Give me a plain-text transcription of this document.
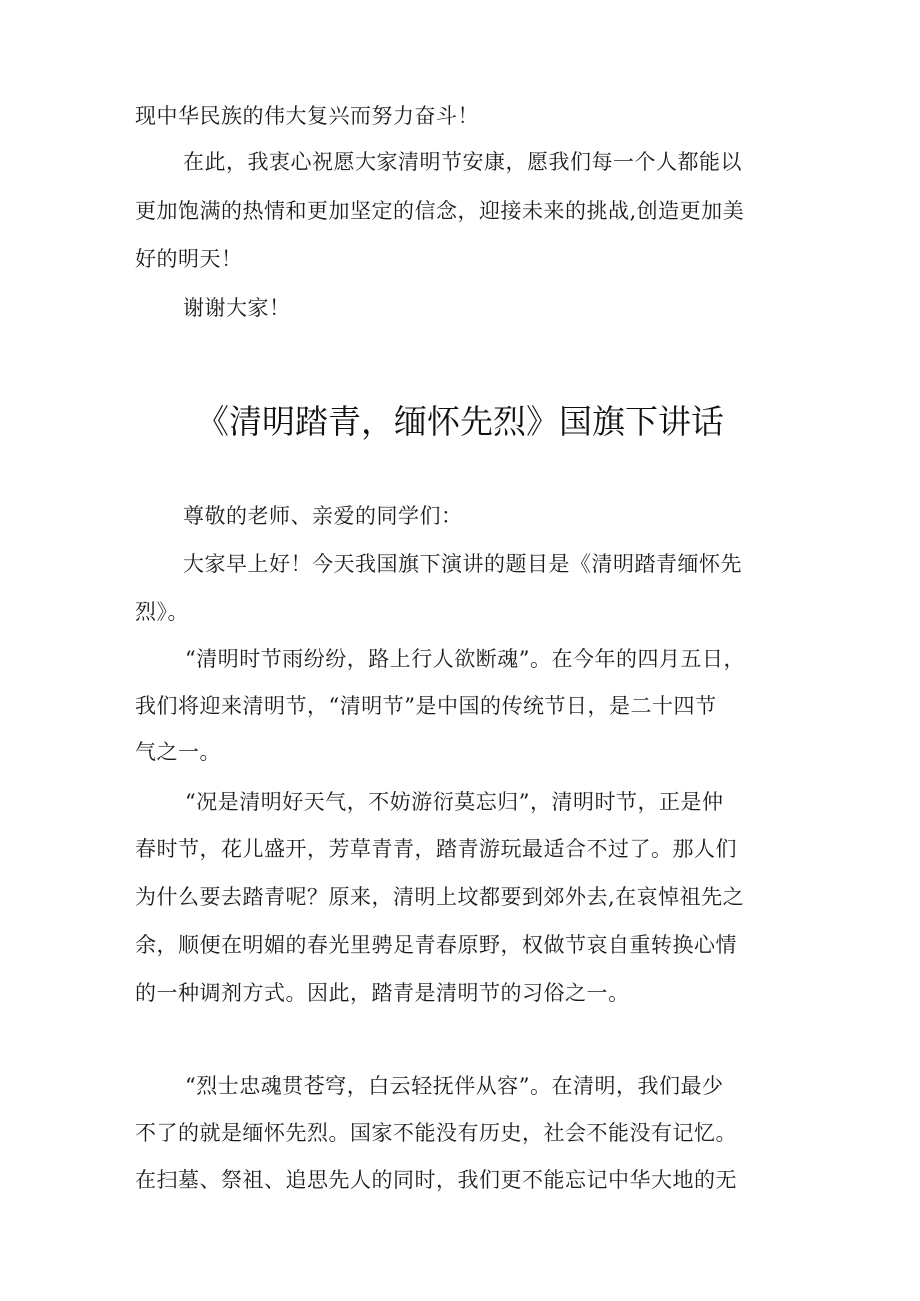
现中华民族的伟大复兴而努力奋斗！
在此，我衷心祝愿大家清明节安康，愿我们每一个人都能以
更加饱满的热情和更加坚定的信念，迎接未来的挑战,创造更加美
好的明天！
谢谢大家！
《清明踏青，缅怀先烈》国旗下讲话
尊敬的老师、亲爱的同学们：
大家早上好！今天我国旗下演讲的题目是《清明踏青缅怀先
烈》。
“清明时节雨纷纷，路上行人欲断魂”。在今年的四月五日，
我们将迎来清明节，“清明节”是中国的传统节日，是二十四节
气之一。
“况是清明好天气，不妨游衍莫忘归”，清明时节，正是仲
春时节，花儿盛开，芳草青青，踏青游玩最适合不过了。那人们
为什么要去踏青呢？原来，清明上坟都要到郊外去,在哀悼祖先之
余，顺便在明媚的春光里骋足青春原野，权做节哀自重转换心情
的一种调剂方式。因此，踏青是清明节的习俗之一。
“烈士忠魂贯苍穹，白云轻抚伴从容”。在清明，我们最少
不了的就是缅怀先烈。国家不能没有历史，社会不能没有记忆。
在扫墓、祭祖、追思先人的同时，我们更不能忘记中华大地的无
